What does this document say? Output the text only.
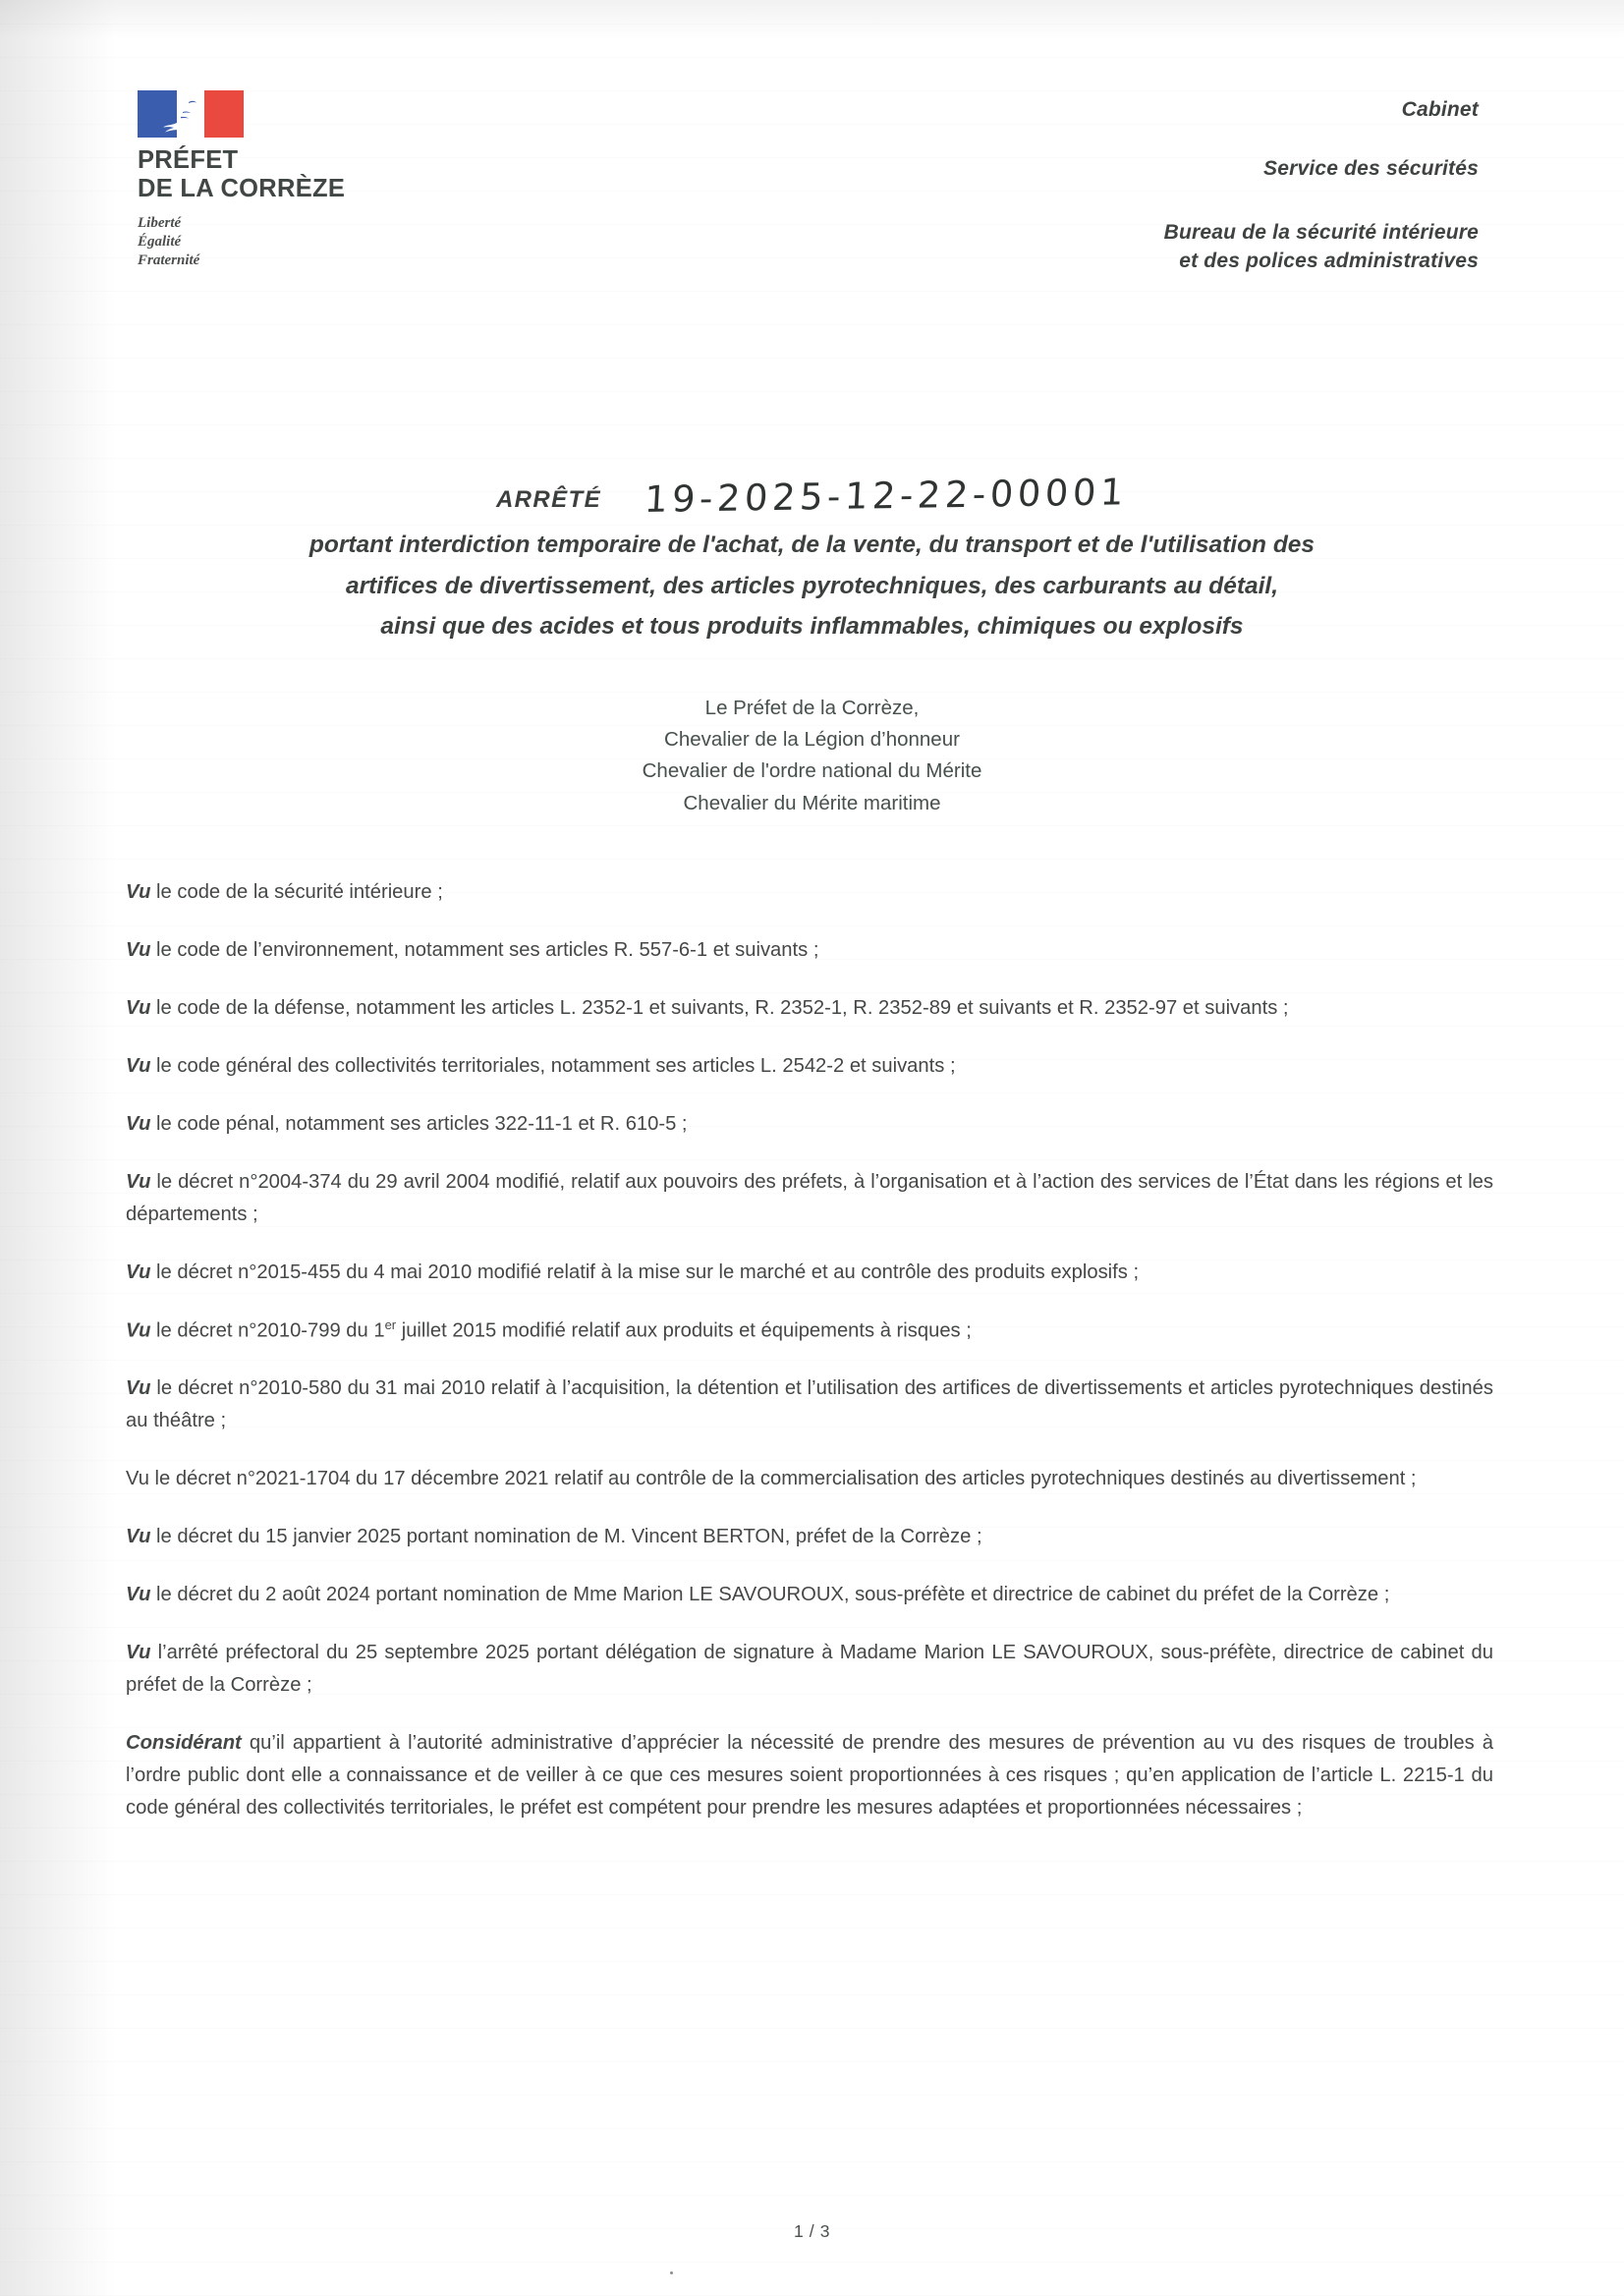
PRÉFET
DE LA CORRÈZE
Liberté
Égalité
Fraternité
Cabinet
Service des sécurités
Bureau de la sécurité intérieure
et des polices administratives
ARRÊTÉ 19-2025-12-22-00001
portant interdiction temporaire de l'achat, de la vente, du transport et de l'utilisation des
artifices de divertissement, des articles pyrotechniques, des carburants au détail,
ainsi que des acides et tous produits inflammables, chimiques ou explosifs
Le Préfet de la Corrèze,
Chevalier de la Légion d’honneur
Chevalier de l'ordre national du Mérite
Chevalier du Mérite maritime

Vu le code de la sécurité intérieure ;

Vu le code de l’environnement, notamment ses articles R. 557-6-1 et suivants ;

Vu le code de la défense, notamment les articles L. 2352-1 et suivants, R. 2352-1, R. 2352-89 et suivants et R. 2352-97 et suivants ;

Vu le code général des collectivités territoriales, notamment ses articles L. 2542-2 et suivants ;

Vu le code pénal, notamment ses articles 322-11-1 et R. 610-5 ;

Vu le décret n°2004-374 du 29 avril 2004 modifié, relatif aux pouvoirs des préfets, à l’organisation et à l’action des services de l’État dans les régions et les départements ;

Vu le décret n°2015-455 du 4 mai 2010 modifié relatif à la mise sur le marché et au contrôle des produits explosifs ;

Vu le décret n°2010-799 du 1er juillet 2015 modifié relatif aux produits et équipements à risques ;

Vu le décret n°2010-580 du 31 mai 2010 relatif à l’acquisition, la détention et l’utilisation des artifices de divertissements et articles pyrotechniques destinés au théâtre ;

Vu le décret n°2021-1704 du 17 décembre 2021 relatif au contrôle de la commercialisation des articles pyrotechniques destinés au divertissement ;

Vu le décret du 15 janvier 2025 portant nomination de M. Vincent BERTON, préfet de la Corrèze ;

Vu le décret du 2 août 2024 portant nomination de Mme Marion LE SAVOUROUX, sous-préfète et directrice de cabinet du préfet de la Corrèze ;

Vu l’arrêté préfectoral du 25 septembre 2025 portant délégation de signature à Madame Marion LE SAVOUROUX, sous-préfète, directrice de cabinet du préfet de la Corrèze ;

Considérant qu’il appartient à l’autorité administrative d’apprécier la nécessité de prendre des mesures de prévention au vu des risques de troubles à l’ordre public dont elle a connaissance et de veiller à ce que ces mesures soient proportionnées à ces risques ; qu’en application de l’article L. 2215-1 du code général des collectivités territoriales, le préfet est compétent pour prendre les mesures adaptées et proportionnées nécessaires ;

1 / 3
